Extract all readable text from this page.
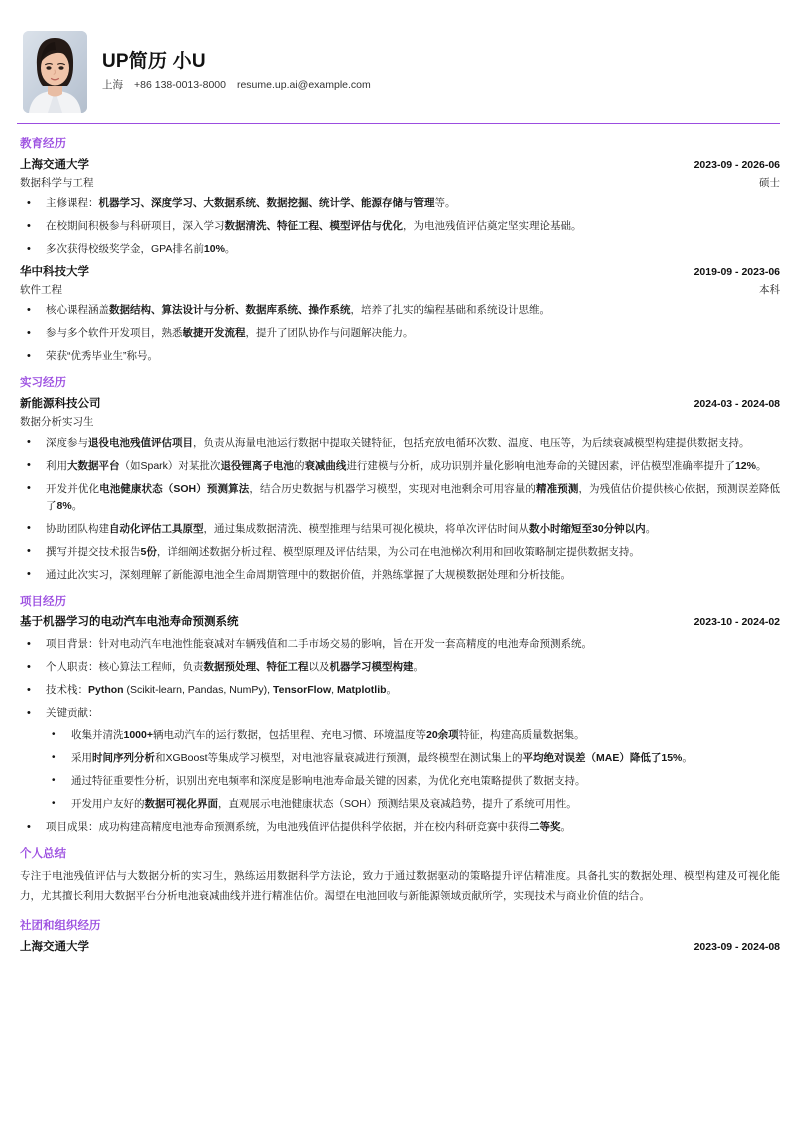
UP简历 小U
上海 +86 138-0013-8000 resume.up.ai@example.com
教育经历
上海交通大学	2023-09 - 2026-06
数据科学与工程	硕士
• 主修课程：机器学习、深度学习、大数据系统、数据挖掘、统计学、能源存储与管理等。
• 在校期间积极参与科研项目，深入学习数据清洗、特征工程、模型评估与优化，为电池残值评估奠定坚实理论基础。
• 多次获得校级奖学金，GPA排名前10%。
华中科技大学	2019-09 - 2023-06
软件工程	本科
• 核心课程涵盖数据结构、算法设计与分析、数据库系统、操作系统，培养了扎实的编程基础和系统设计思维。
• 参与多个软件开发项目，熟悉敏捷开发流程，提升了团队协作与问题解决能力。
• 荣获“优秀毕业生”称号。
实习经历
新能源科技公司	2024-03 - 2024-08
数据分析实习生
• 深度参与退役电池残值评估项目，负责从海量电池运行数据中提取关键特征，包括充放电循环次数、温度、电压等，为后续衰减模型构建提供数据支持。
• 利用大数据平台（如Spark）对某批次退役锂离子电池的衰减曲线进行建模与分析，成功识别并量化影响电池寿命的关键因素，评估模型准确率提升了12%。
• 开发并优化电池健康状态（SOH）预测算法，结合历史数据与机器学习模型，实现对电池剩余可用容量的精准预测，为残值估价提供核心依据，预测误差降低了8%。
• 协助团队构建自动化评估工具原型，通过集成数据清洗、模型推理与结果可视化模块，将单次评估时间从数小时缩短至30分钟以内。
• 撰写并提交技术报告5份，详细阐述数据分析过程、模型原理及评估结果，为公司在电池梯次利用和回收策略制定提供数据支持。
• 通过此次实习，深刻理解了新能源电池全生命周期管理中的数据价值，并熟练掌握了大规模数据处理和分析技能。
项目经历
基于机器学习的电动汽车电池寿命预测系统	2023-10 - 2024-02
• 项目背景：针对电动汽车电池性能衰减对车辆残值和二手市场交易的影响，旨在开发一套高精度的电池寿命预测系统。
• 个人职责：核心算法工程师，负责数据预处理、特征工程以及机器学习模型构建。
• 技术栈：Python (Scikit-learn, Pandas, NumPy), TensorFlow, Matplotlib。
• 关键贡献：
• 收集并清洗1000+辆电动汽车的运行数据，包括里程、充电习惯、环境温度等20余项特征，构建高质量数据集。
• 采用时间序列分析和XGBoost等集成学习模型，对电池容量衰减进行预测，最终模型在测试集上的平均绝对误差（MAE）降低了15%。
• 通过特征重要性分析，识别出充电频率和深度是影响电池寿命最关键的因素，为优化充电策略提供了数据支持。
• 开发用户友好的数据可视化界面，直观展示电池健康状态（SOH）预测结果及衰减趋势，提升了系统可用性。
• 项目成果：成功构建高精度电池寿命预测系统，为电池残值评估提供科学依据，并在校内科研竞赛中获得二等奖。
个人总结
专注于电池残值评估与大数据分析的实习生，熟练运用数据科学方法论，致力于通过数据驱动的策略提升评估精准度。具备扎实的数据处理、模型构建及可视化能力，尤其擅长利用大数据平台分析电池衰减曲线并进行精准估价。渴望在电池回收与新能源领域贡献所学，实现技术与商业价值的结合。
社团和组织经历
上海交通大学	2023-09 - 2024-08
